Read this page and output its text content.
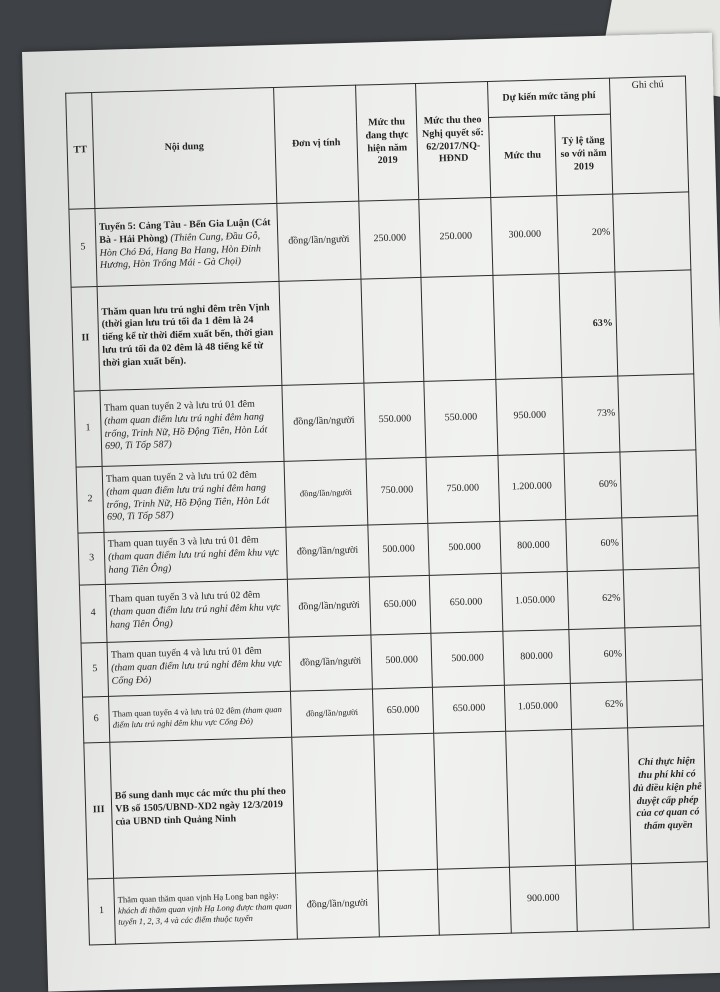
TT	Nội dung	Đơn vị tính	Mức thu đang thực hiện năm 2019	Mức thu theo Nghị quyết số: 62/2017/NQ-HĐND	Dự kiến mức tăng phí		Ghi chú
					Mức thu	Tỷ lệ tăng so với năm 2019	
5	Tuyến 5: Cảng Tàu - Bến Gia Luận (Cát Bà - Hải Phòng) (Thiên Cung, Đầu Gỗ, Hòn Chó Đá, Hang Ba Hang, Hòn Đỉnh Hương, Hòn Trống Mái - Gà Chọi)	đồng/lần/người	250.000	250.000	300.000	20%	
II	Thăm quan lưu trú nghỉ đêm trên Vịnh (thời gian lưu trú tối đa 1 đêm là 24 tiếng kể từ thời điểm xuất bến, thời gian lưu trú tối đa 02 đêm là 48 tiếng kể từ thời gian xuất bến).					63%	
1	Tham quan tuyến 2 và lưu trú 01 đêm (tham quan điểm lưu trú nghỉ đêm hang trống, Trinh Nữ, Hồ Động Tiên, Hòn Lát 690, Ti Tốp 587)	đồng/lần/người	550.000	550.000	950.000	73%	
2	Tham quan tuyến 2 và lưu trú 02 đêm (tham quan điểm lưu trú nghỉ đêm hang trống, Trinh Nữ, Hồ Động Tiên, Hòn Lát 690, Ti Tốp 587)	đồng/lần/người	750.000	750.000	1.200.000	60%	
3	Tham quan tuyến 3 và lưu trú 01 đêm (tham quan điểm lưu trú nghỉ đêm khu vực hang Tiên Ông)	đồng/lần/người	500.000	500.000	800.000	60%	
4	Tham quan tuyến 3 và lưu trú 02 đêm (tham quan điểm lưu trú nghỉ đêm khu vực hang Tiên Ông)	đồng/lần/người	650.000	650.000	1.050.000	62%	
5	Tham quan tuyến 4 và lưu trú 01 đêm (tham quan điểm lưu trú nghỉ đêm khu vực Cống Đỏ)	đồng/lần/người	500.000	500.000	800.000	60%	
6	Tham quan tuyến 4 và lưu trú 02 đêm (tham quan điểm lưu trú nghỉ đêm khu vực Cống Đỏ)	đồng/lần/người	650.000	650.000	1.050.000	62%	
III	Bổ sung danh mục các mức thu phí theo VB số 1505/UBND-XD2 ngày 12/3/2019 của UBND tỉnh Quảng Ninh						Chỉ thực hiện thu phí khi có đủ điều kiện phê duyệt cấp phép của cơ quan có thẩm quyền
1	Thăm quan thăm quan vịnh Hạ Long ban ngày: khách đi thăm quan vịnh Hạ Long được tham quan tuyến 1, 2, 3, 4 và các điểm thuộc tuyến	đồng/lần/người			900.000		
